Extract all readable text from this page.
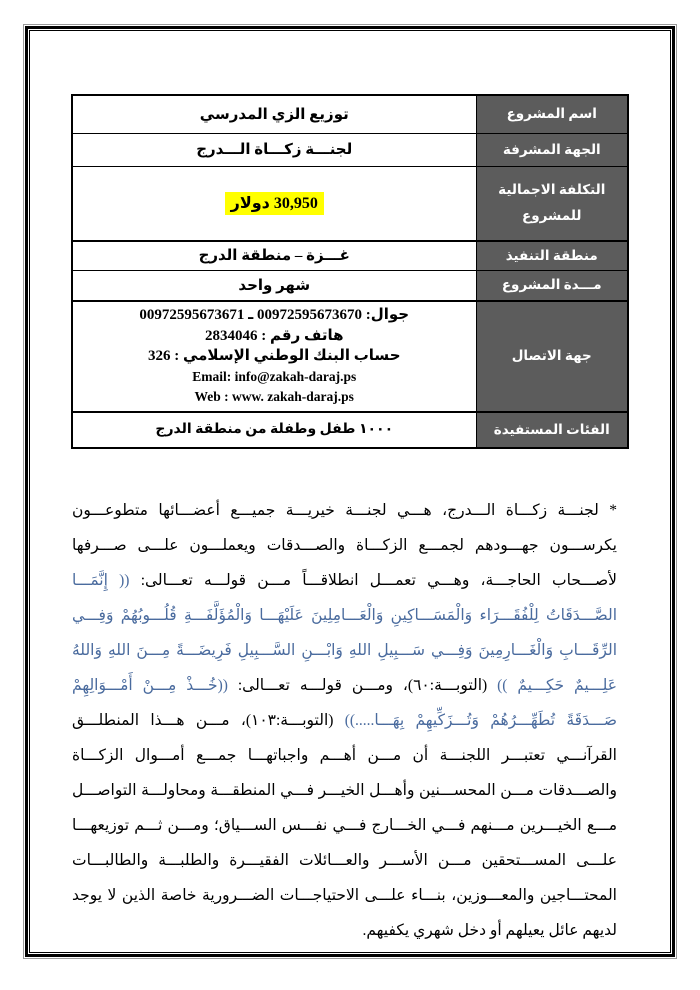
اسم المشروع	توزيع الزي المدرسي
الجهة المشرفة	لجنـــة زكـــاة الـــدرج

التكلفة الاجمالية
للمشروع	30,950 دولار
منطقة التنفيذ	غـــزة – منطقة الدرج
مـــدة المشروع	شهر واحد
جهة الاتصال	جوال: 00972595673670 ـ 00972595673671
هاتف رقم : 2834046
حساب البنك الوطني الإسلامي : 326
Email: info@zakah-daraj.ps
Web : www. zakah-daraj.ps

الفئات المستفيدة	١٠٠٠ طفل وطفلة من منطقة الدرج

* لجنـــة زكـــاة الـــدرج، هـــي لجنـــة خيريـــة جميـــع أعضـــائها متطوعـــون يكرســـون جهـــودهم لجمـــع الزكـــاة والصـــدقات ويعملـــون علـــى صـــرفها لأصـــحاب الحاجـــة، وهـــي تعمـــل انطلاقـــاً مـــن قولـــه تعـــالى: (( إِنَّمَـــا الصَّـــدَقَاتُ لِلْفُقَـــرَاء وَالْمَسَـــاكِينِ وَالْعَـــامِلِينَ عَلَيْهَـــا وَالْمُؤَلَّفَـــةِ قُلُـــوبُهُمْ وَفِـــي الرِّقَـــابِ وَالْغَـــارِمِينَ وَفِـــي سَـــبِيلِ اللهِ وَابْـــنِ السَّـــبِيلِ فَرِيضَـــةً مِـــنَ اللهِ وَاللهُ عَلِـــيمٌ حَكِـــيمٌ )) (التوبـــة:٦٠)، ومـــن قولـــه تعـــالى: ((خُـــذْ مِـــنْ أَمْـــوَالِهِمْ صَـــدَقَةً تُطَهِّـــرُهُمْ وَتُـــزَكِّيهِمْ بِهَـــا.....)) (التوبـــة:١٠٣)، مـــن هـــذا المنطلـــق القرآنـــي تعتبـــر اللجنـــة أن مـــن أهـــم واجباتهـــا جمـــع أمـــوال الزكـــاة والصـــدقات مـــن المحســـنين وأهـــل الخيـــر فـــي المنطقـــة ومحاولـــة التواصـــل مـــع الخيـــرين مـــنهم فـــي الخـــارج فـــي نفـــس الســـياق؛ ومـــن ثـــم توزيعهـــا علـــى المســـتحقين مـــن الأســـر والعـــائلات الفقيـــرة والطلبـــة والطالبـــات المحتـــاجين والمعـــوزين، بنـــاء علـــى الاحتياجـــات الضـــرورية خاصة الذين لا يوجد لديهم عائل يعيلهم أو دخل شهري يكفيهم.
